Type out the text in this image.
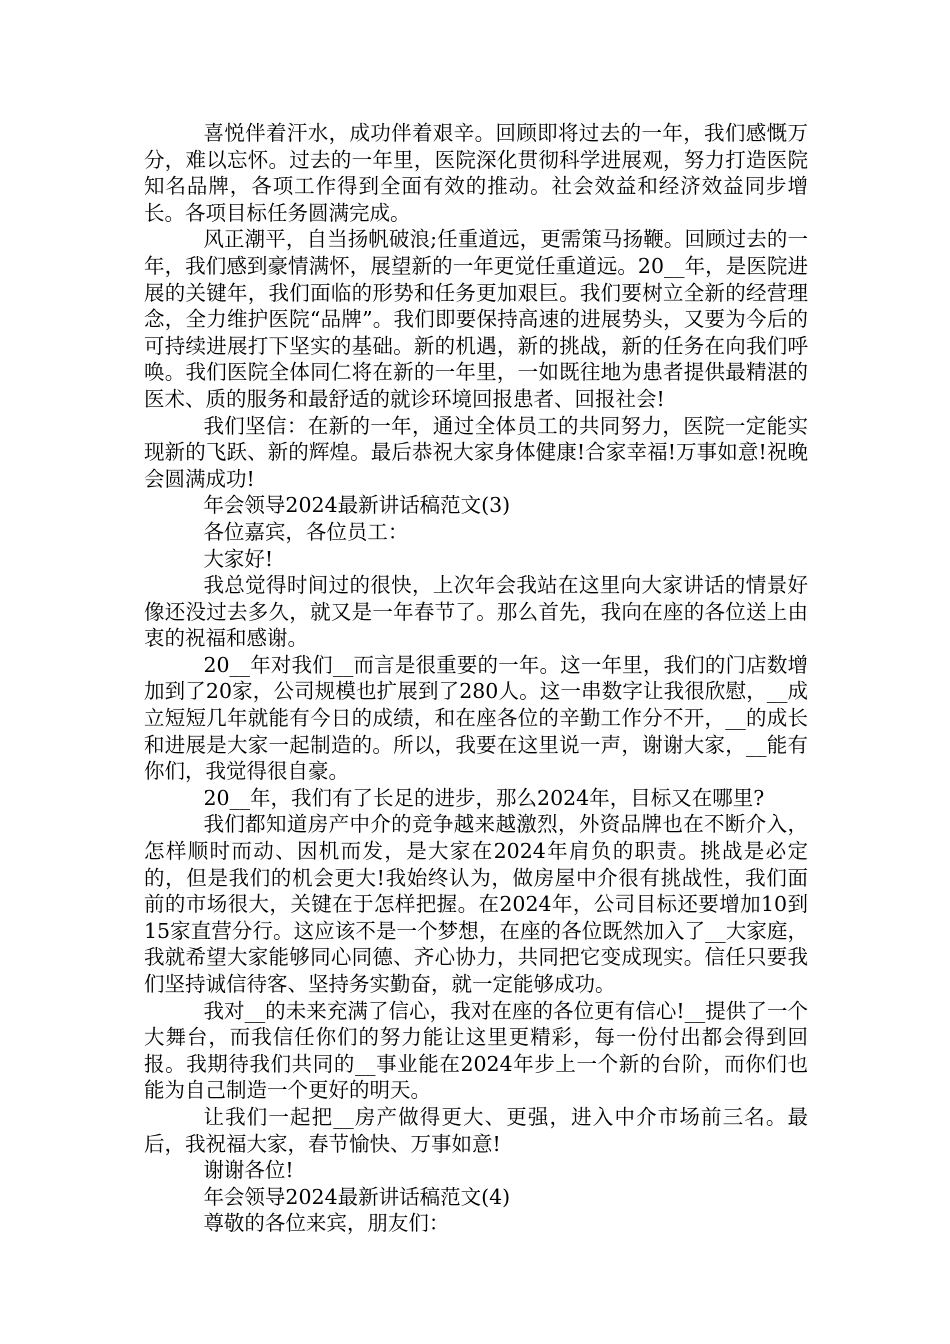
喜悦伴着汗水，成功伴着艰辛。回顾即将过去的一年，我们感慨万分，难以忘怀。过去的一年里，医院深化贯彻科学进展观，努力打造医院知名品牌，各项工作得到全面有效的推动。社会效益和经济效益同步增长。各项目标任务圆满完成。

风正潮平，自当扬帆破浪;任重道远，更需策马扬鞭。回顾过去的一年，我们感到豪情满怀，展望新的一年更觉任重道远。20__年，是医院进展的关键年，我们面临的形势和任务更加艰巨。我们要树立全新的经营理念，全力维护医院“品牌”。我们即要保持高速的进展势头，又要为今后的可持续进展打下坚实的基础。新的机遇，新的挑战，新的任务在向我们呼唤。我们医院全体同仁将在新的一年里，一如既往地为患者提供最精湛的医术、质的服务和最舒适的就诊环境回报患者、回报社会!

我们坚信：在新的一年，通过全体员工的共同努力，医院一定能实现新的飞跃、新的辉煌。最后恭祝大家身体健康!合家幸福!万事如意!祝晚会圆满成功!

年会领导2024最新讲话稿范文(3)

各位嘉宾，各位员工：

大家好!

我总觉得时间过的很快，上次年会我站在这里向大家讲话的情景好像还没过去多久，就又是一年春节了。那么首先，我向在座的各位送上由衷的祝福和感谢。

20__年对我们__而言是很重要的一年。这一年里，我们的门店数增加到了20家，公司规模也扩展到了280人。这一串数字让我很欣慰，__成立短短几年就能有今日的成绩，和在座各位的辛勤工作分不开，__的成长和进展是大家一起制造的。所以，我要在这里说一声，谢谢大家，__能有你们，我觉得很自豪。

20__年，我们有了长足的进步，那么2024年，目标又在哪里?

我们都知道房产中介的竞争越来越激烈，外资品牌也在不断介入，怎样顺时而动、因机而发，是大家在2024年肩负的职责。挑战是必定的，但是我们的机会更大!我始终认为，做房屋中介很有挑战性，我们面前的市场很大，关键在于怎样把握。在2024年，公司目标还要增加10到15家直营分行。这应该不是一个梦想，在座的各位既然加入了__大家庭，我就希望大家能够同心同德、齐心协力，共同把它变成现实。信任只要我们坚持诚信待客、坚持务实勤奋，就一定能够成功。

我对__的未来充满了信心，我对在座的各位更有信心!__提供了一个大舞台，而我信任你们的努力能让这里更精彩，每一份付出都会得到回报。我期待我们共同的__事业能在2024年步上一个新的台阶，而你们也能为自己制造一个更好的明天。

让我们一起把__房产做得更大、更强，进入中介市场前三名。最后，我祝福大家，春节愉快、万事如意!

谢谢各位!

年会领导2024最新讲话稿范文(4)

尊敬的各位来宾，朋友们：
